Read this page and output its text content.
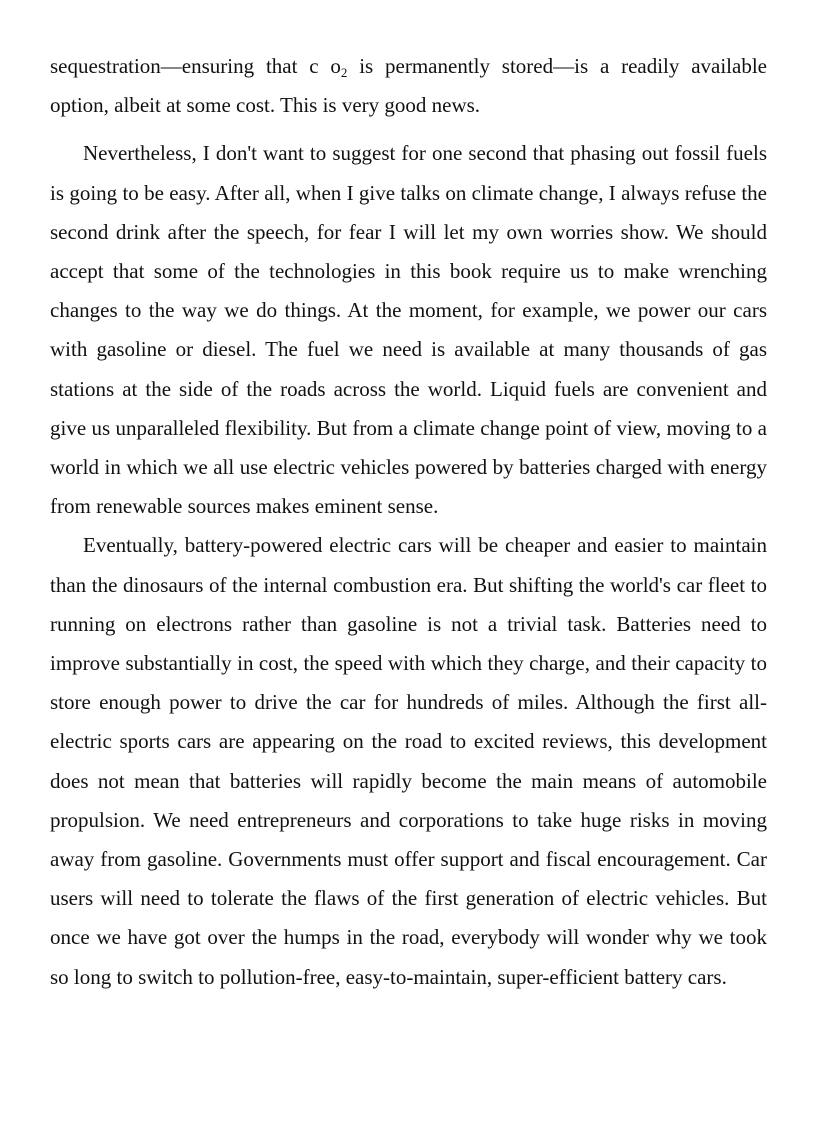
sequestration—ensuring that c $o_2$ is permanently stored—is a readily available option, albeit at some cost. This is very good news.

Nevertheless, I don't want to suggest for one second that phasing out fossil fuels is going to be easy. After all, when I give talks on climate change, I always refuse the second drink after the speech, for fear I will let my own worries show. We should accept that some of the technologies in this book require us to make wrenching changes to the way we do things. At the moment, for example, we power our cars with gasoline or diesel. The fuel we need is available at many thousands of gas stations at the side of the roads across the world. Liquid fuels are convenient and give us unparalleled flexibility. But from a climate change point of view, moving to a world in which we all use electric vehicles powered by batteries charged with energy from renewable sources makes eminent sense.

Eventually, battery-powered electric cars will be cheaper and easier to maintain than the dinosaurs of the internal combustion era. But shifting the world's car fleet to running on electrons rather than gasoline is not a trivial task. Batteries need to improve substantially in cost, the speed with which they charge, and their capacity to store enough power to drive the car for hundreds of miles. Although the first all-electric sports cars are appearing on the road to excited reviews, this development does not mean that batteries will rapidly become the main means of automobile propulsion. We need entrepreneurs and corporations to take huge risks in moving away from gasoline. Governments must offer support and fiscal encouragement. Car users will need to tolerate the flaws of the first generation of electric vehicles. But once we have got over the humps in the road, everybody will wonder why we took so long to switch to pollution-free, easy-to-maintain, super-efficient battery cars.
